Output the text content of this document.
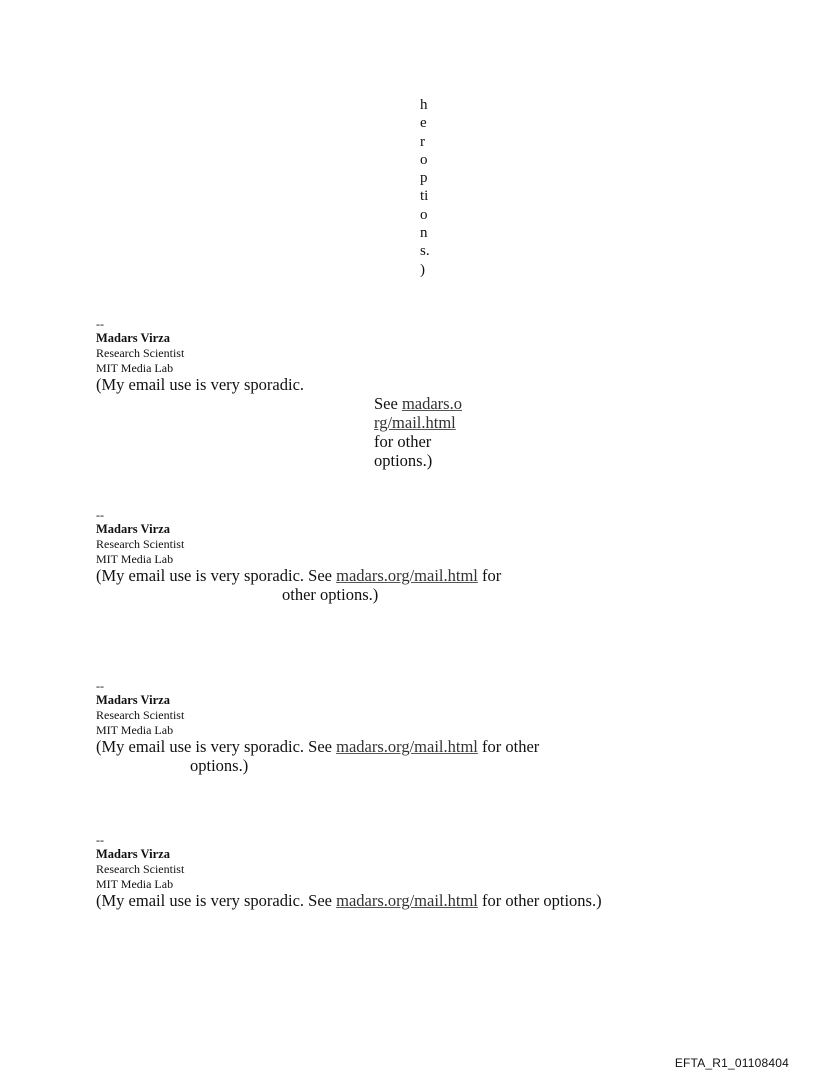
h
e
r
o
p
ti
o
n
s.
)
--
Madars Virza
Research Scientist
MIT Media Lab
(My email use is very sporadic.
See madars.o
rg/mail.html
for other
options.)
--
Madars Virza
Research Scientist
MIT Media Lab
(My email use is very sporadic. See madars.org/mail.html for
other options.)
--
Madars Virza
Research Scientist
MIT Media Lab
(My email use is very sporadic. See madars.org/mail.html for other
options.)
--
Madars Virza
Research Scientist
MIT Media Lab
(My email use is very sporadic. See madars.org/mail.html for other options.)
EFTA_R1_01108404
